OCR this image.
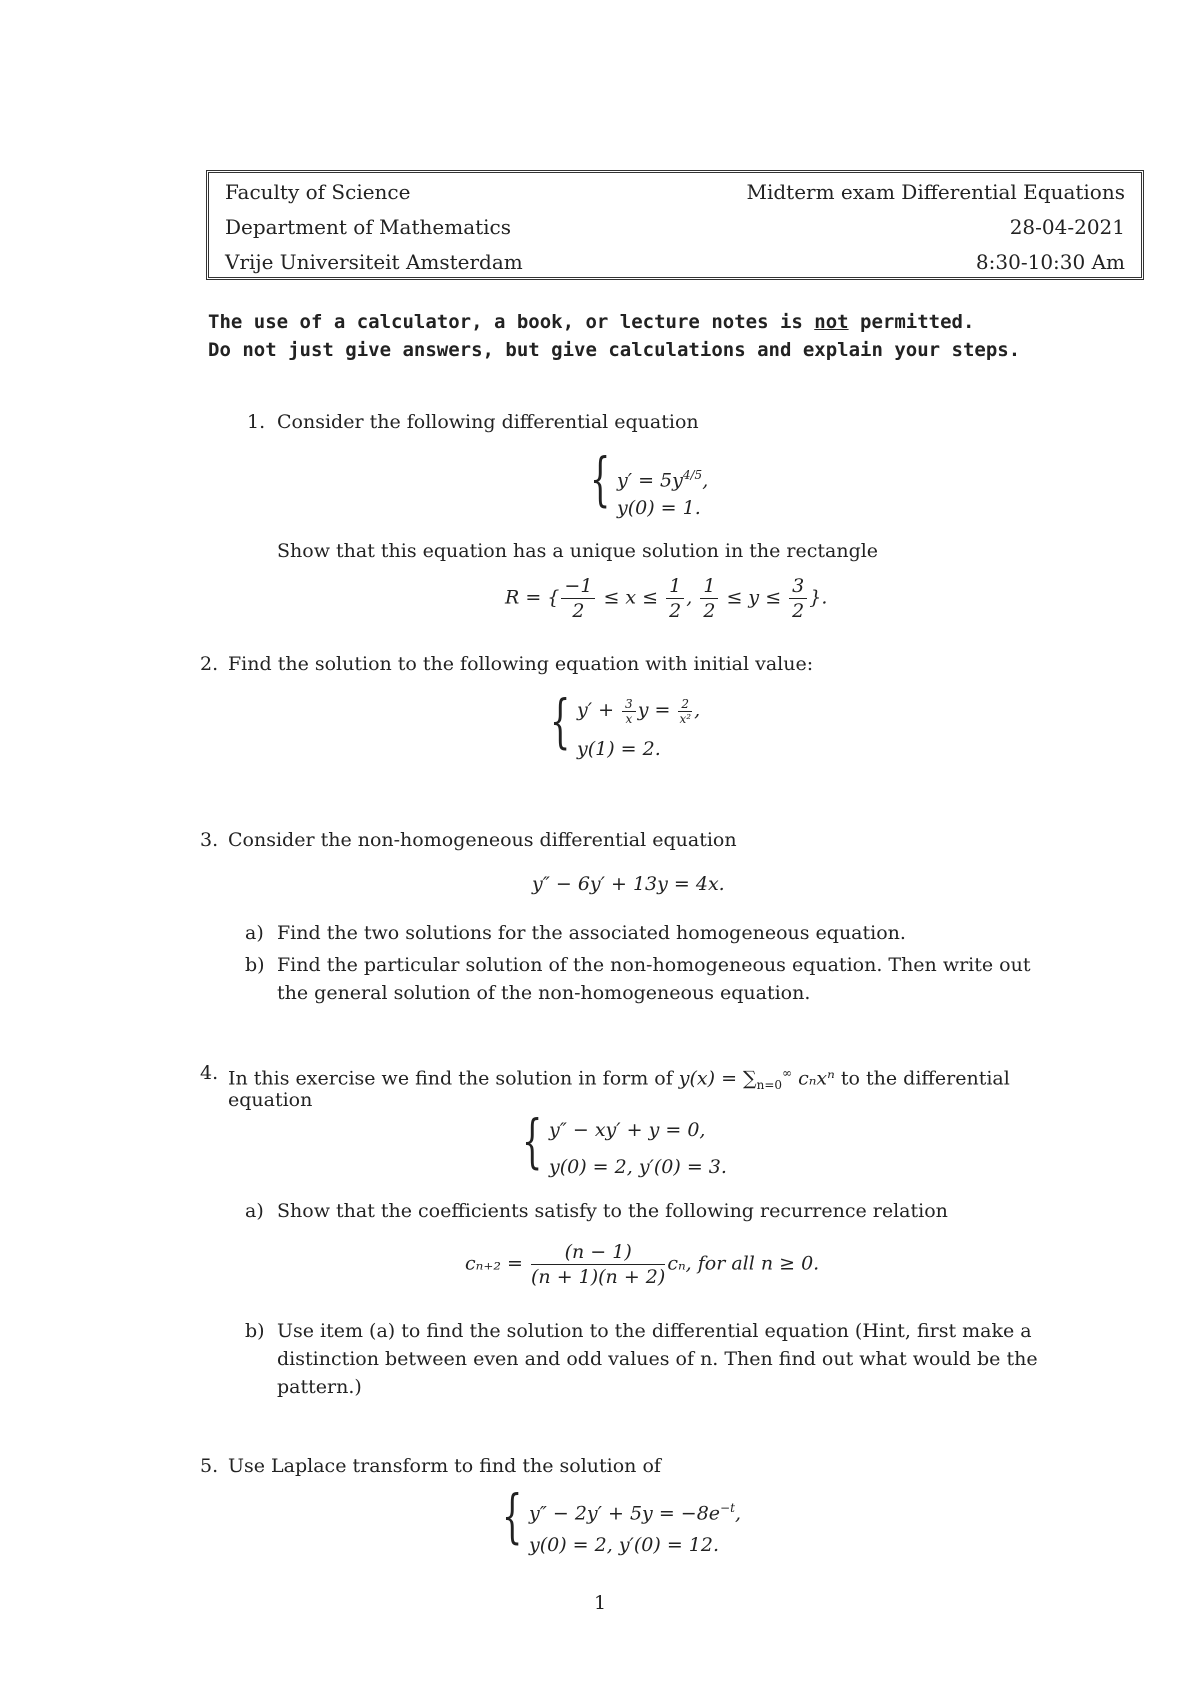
Faculty of Science	Midterm exam Differential Equations
Department of Mathematics	28-04-2021
Vrije Universiteit Amsterdam	8:30-10:30 Am
The use of a calculator, a book, or lecture notes is not permitted.
Do not just give answers, but give calculations and explain your steps.
1. Consider the following differential equation
{ $y' = 5y^{4/5}$,
y(0) = 1.
Show that this equation has a unique solution in the rectangle
R = { $\frac{-1}{2} \le x \le \frac{1}{2}$ , $\frac{1}{2} \le y \le \frac{3}{2}$ }.
2. Find the solution to the following equation with initial value:
{ $y' + \frac{3}{x}$ $y = \frac{2}{\text{x²}}$ ,
y(1) = 2.
3. Consider the non-homogeneous differential equation
y″ − 6y′ + 13y = 4x.
a) Find the two solutions for the associated homogeneous equation.
b) Find the particular solution of the non-homogeneous equation. Then write out the general solution of the non-homogeneous equation.
4. In this exercise we find the solution in form of $y(x) = \sum_{n=0}^\infty$ cₙxⁿ to the differential
equation
{ y″ − xy′ + y = 0,
y(0) = 2, y′(0) = 3.
a) Show that the coefficients satisfy to the following recurrence relation
$c_{n+2} = \frac{(n - 1)}{(n + 1)(n + 2)} c_n$, for all n ≥ 0.
b) Use item (a) to find the solution to the differential equation (Hint, first make a distinction between even and odd values of n. Then find out what would be the pattern.)
5. Use Laplace transform to find the solution of
{ $y'' - 2y' + 5y = -8e^{-t}$,
y(0) = 2, y′(0) = 12.
1
